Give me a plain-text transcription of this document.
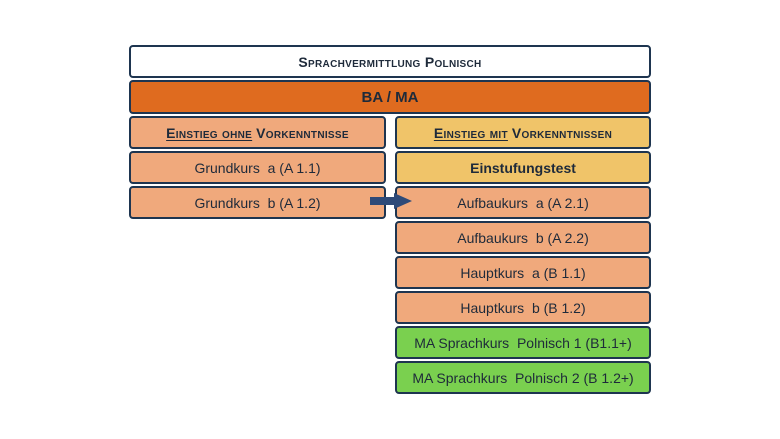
Sprachvermittlung Polnisch
BA / MA
Einstieg ohne Vorkenntnisse	Einstieg mit Vorkenntnissen
Grundkurs  a (A 1.1)
Grundkurs  b (A 1.2)
Einstufungstest
Aufbaukurs  a (A 2.1)
Aufbaukurs  b (A 2.2)
Hauptkurs  a (B 1.1)
Hauptkurs  b (B 1.2)
MA Sprachkurs  Polnisch 1 (B1.1+)
MA Sprachkurs  Polnisch 2 (B 1.2+)
